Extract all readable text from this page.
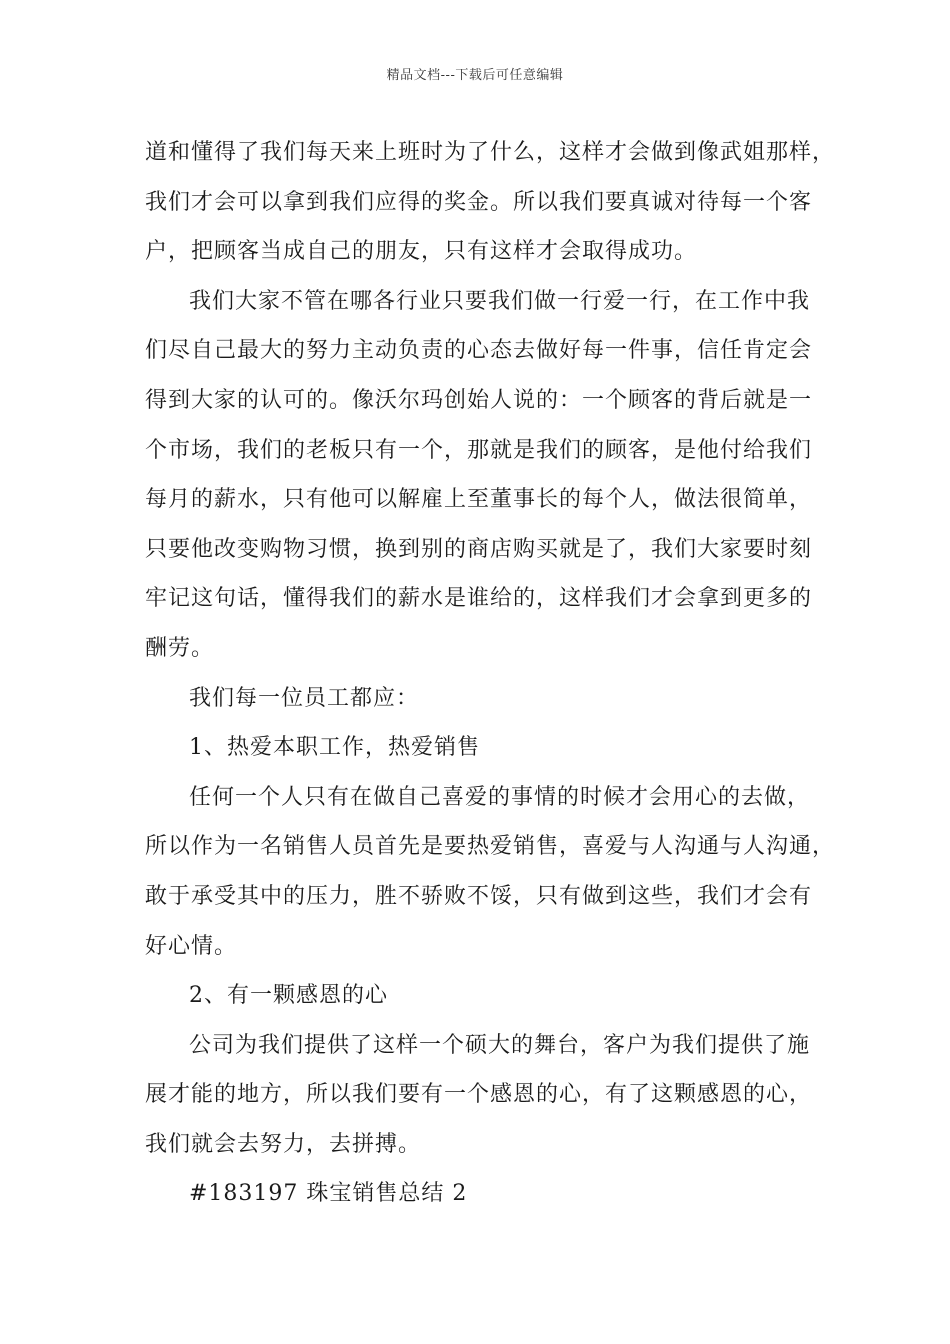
精品文档---下载后可任意编辑
道和懂得了我们每天来上班时为了什么，这样才会做到像武姐那样，
我们才会可以拿到我们应得的奖金。所以我们要真诚对待每一个客
户，把顾客当成自己的朋友，只有这样才会取得成功。
我们大家不管在哪各行业只要我们做一行爱一行，在工作中我
们尽自己最大的努力主动负责的心态去做好每一件事，信任肯定会
得到大家的认可的。像沃尔玛创始人说的：一个顾客的背后就是一
个市场，我们的老板只有一个，那就是我们的顾客，是他付给我们
每月的薪水，只有他可以解雇上至董事长的每个人，做法很简单，
只要他改变购物习惯，换到别的商店购买就是了，我们大家要时刻
牢记这句话，懂得我们的薪水是谁给的，这样我们才会拿到更多的
酬劳。
我们每一位员工都应：
1、热爱本职工作，热爱销售
任何一个人只有在做自己喜爱的事情的时候才会用心的去做，
所以作为一名销售人员首先是要热爱销售，喜爱与人沟通与人沟通，
敢于承受其中的压力，胜不骄败不馁，只有做到这些，我们才会有
好心情。
2、有一颗感恩的心
公司为我们提供了这样一个硕大的舞台，客户为我们提供了施
展才能的地方，所以我们要有一个感恩的心，有了这颗感恩的心，
我们就会去努力，去拼搏。
#183197 珠宝销售总结 2
